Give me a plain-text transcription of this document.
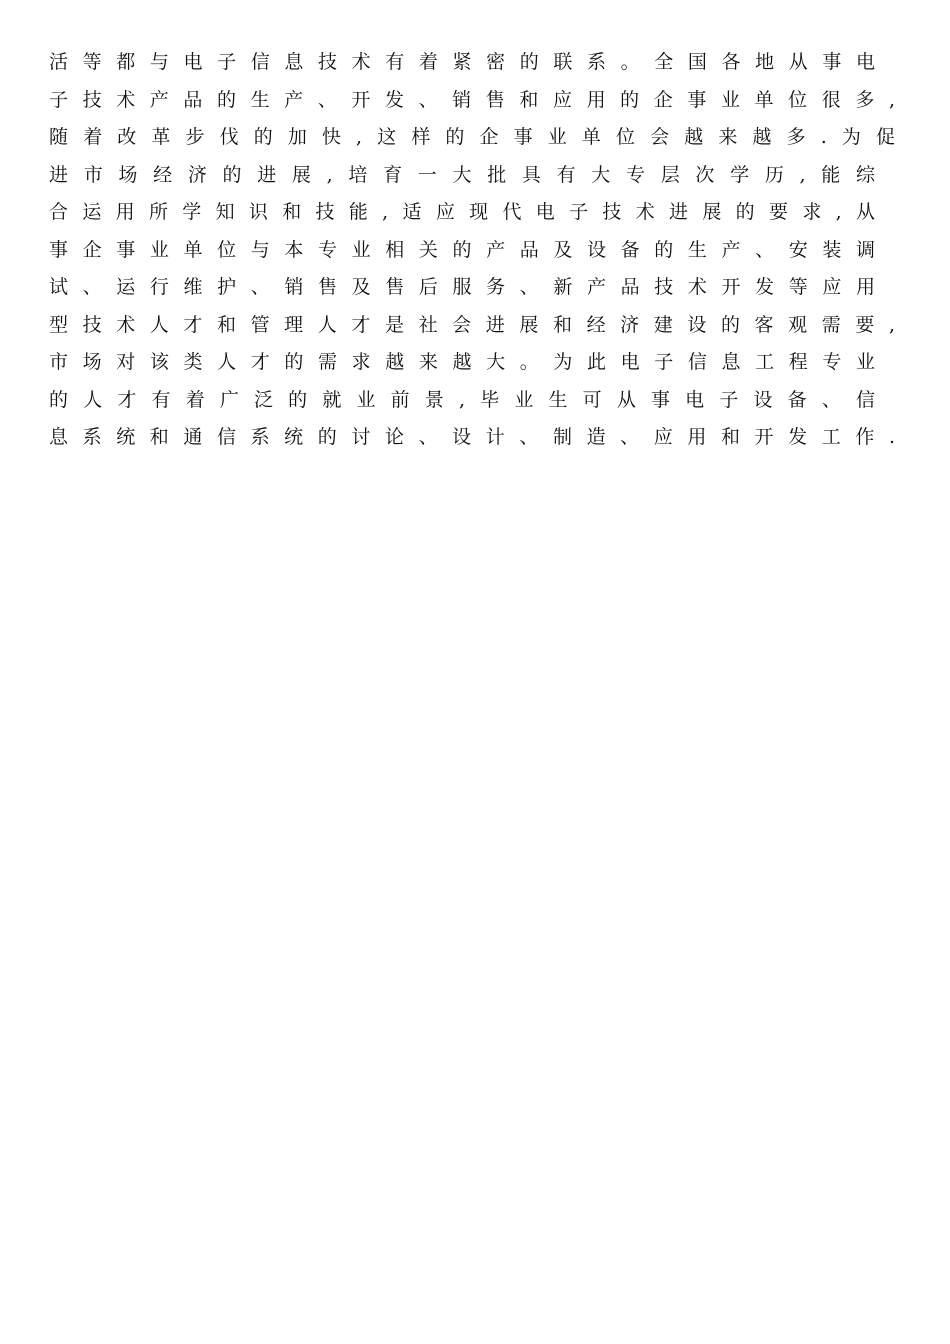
活等都与电子信息技术有着紧密的联系。全国各地从事电
子技术产品的生产、开发、销售和应用的企事业单位很多,
随着改革步伐的加快,这样的企事业单位会越来越多.为促
进市场经济的进展,培育一大批具有大专层次学历,能综
合运用所学知识和技能,适应现代电子技术进展的要求,从
事企事业单位与本专业相关的产品及设备的生产、安装调
试、运行维护、销售及售后服务、新产品技术开发等应用
型技术人才和管理人才是社会进展和经济建设的客观需要,
市场对该类人才的需求越来越大。为此电子信息工程专业
的人才有着广泛的就业前景,毕业生可从事电子设备、信
息系统和通信系统的讨论、设计、制造、应用和开发工作.
